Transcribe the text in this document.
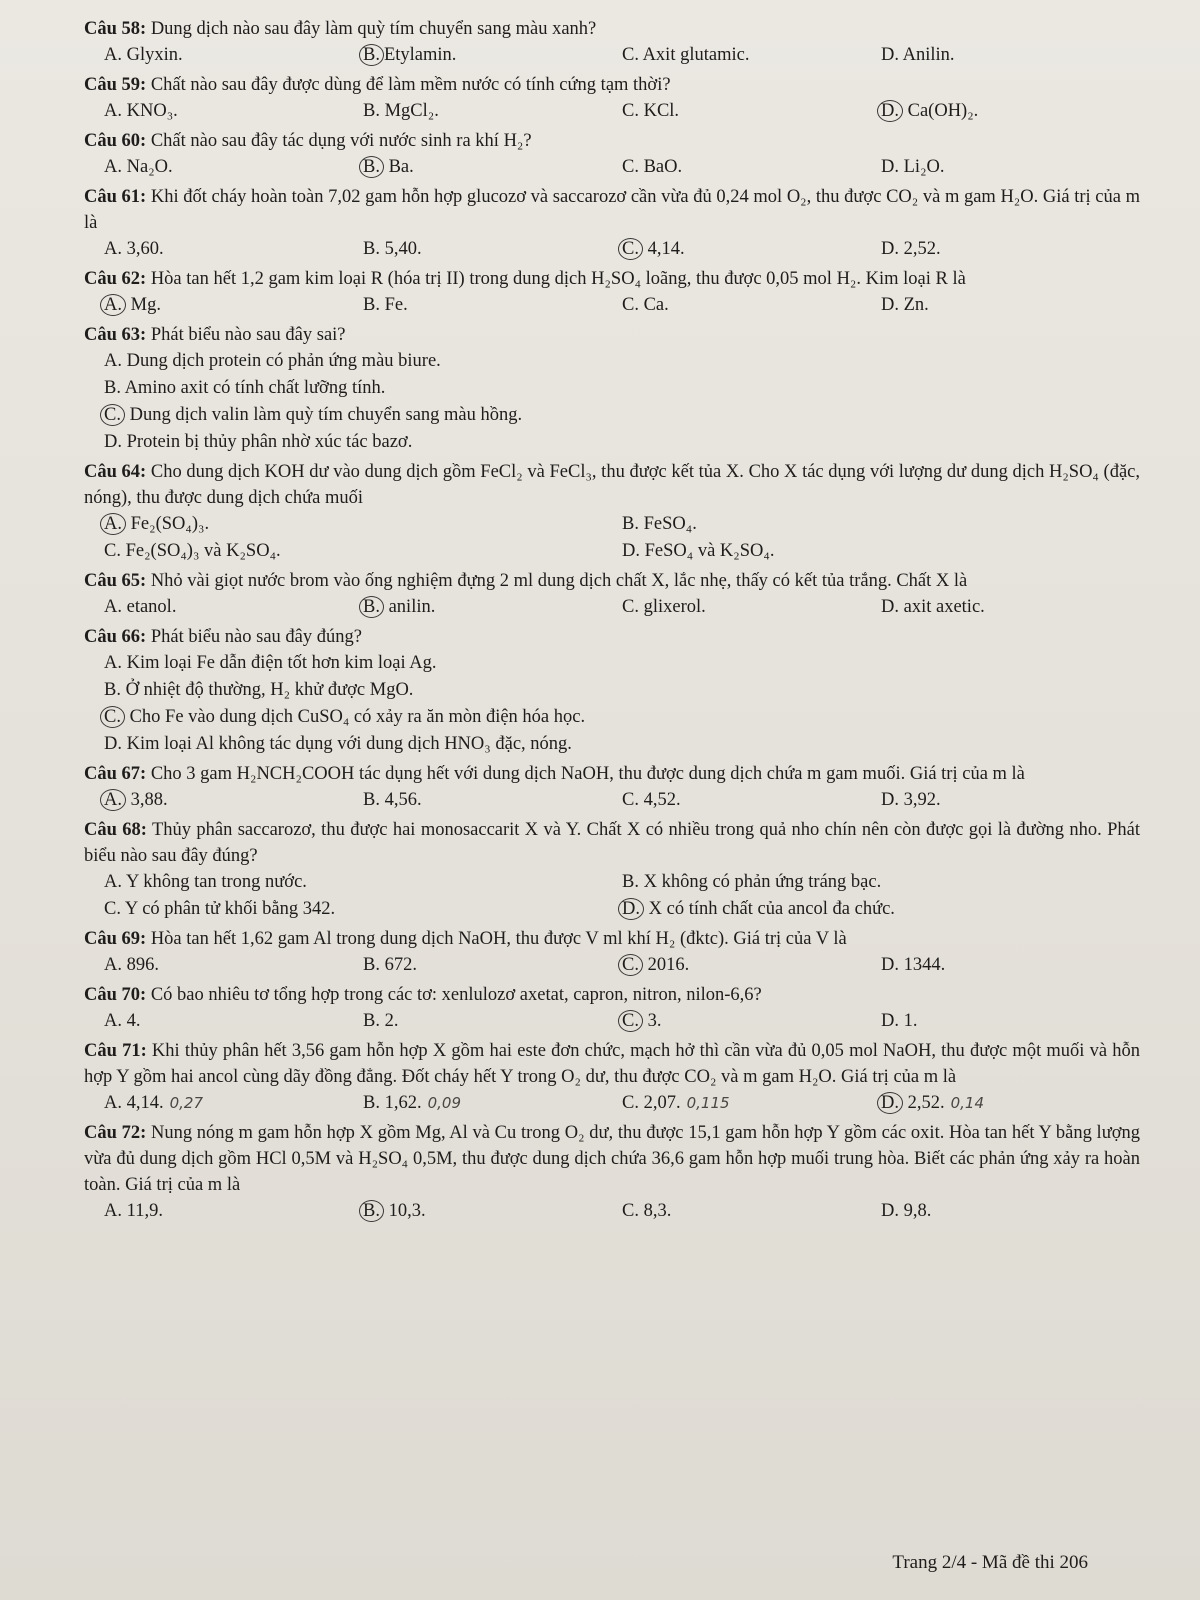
Câu 58: Dung dịch nào sau đây làm quỳ tím chuyển sang màu xanh?
A. Glyxin.	B. Etylamin.	C. Axit glutamic.	D. Anilin.
Câu 59: Chất nào sau đây được dùng để làm mềm nước có tính cứng tạm thời?
A. KNO₃.	B. MgCl₂.	C. KCl.	D. Ca(OH)₂.
Câu 60: Chất nào sau đây tác dụng với nước sinh ra khí H₂?
A. Na₂O.	B. Ba.	C. BaO.	D. Li₂O.
Câu 61: Khi đốt cháy hoàn toàn 7,02 gam hỗn hợp glucozơ và saccarozơ cần vừa đủ 0,24 mol O₂, thu được CO₂ và m gam H₂O. Giá trị của m là
A. 3,60.	B. 5,40.	C. 4,14.	D. 2,52.
Câu 62: Hòa tan hết 1,2 gam kim loại R (hóa trị II) trong dung dịch H₂SO₄ loãng, thu được 0,05 mol H₂. Kim loại R là
A. Mg.	B. Fe.	C. Ca.	D. Zn.
Câu 63: Phát biểu nào sau đây sai?
A. Dung dịch protein có phản ứng màu biure.
B. Amino axit có tính chất lưỡng tính.
C. Dung dịch valin làm quỳ tím chuyển sang màu hồng.
D. Protein bị thủy phân nhờ xúc tác bazơ.
Câu 64: Cho dung dịch KOH dư vào dung dịch gồm FeCl₂ và FeCl₃, thu được kết tủa X. Cho X tác dụng với lượng dư dung dịch H₂SO₄ (đặc, nóng), thu được dung dịch chứa muối
A. Fe₂(SO₄)₃.	B. FeSO₄.
C. Fe₂(SO₄)₃ và K₂SO₄.	D. FeSO₄ và K₂SO₄.
Câu 65: Nhỏ vài giọt nước brom vào ống nghiệm đựng 2 ml dung dịch chất X, lắc nhẹ, thấy có kết tủa trắng. Chất X là
A. etanol.	B. anilin.	C. glixerol.	D. axit axetic.
Câu 66: Phát biểu nào sau đây đúng?
A. Kim loại Fe dẫn điện tốt hơn kim loại Ag.
B. Ở nhiệt độ thường, H₂ khử được MgO.
C. Cho Fe vào dung dịch CuSO₄ có xảy ra ăn mòn điện hóa học.
D. Kim loại Al không tác dụng với dung dịch HNO₃ đặc, nóng.
Câu 67: Cho 3 gam H₂NCH₂COOH tác dụng hết với dung dịch NaOH, thu được dung dịch chứa m gam muối. Giá trị của m là
A. 3,88.	B. 4,56.	C. 4,52.	D. 3,92.
Câu 68: Thủy phân saccarozơ, thu được hai monosaccarit X và Y. Chất X có nhiều trong quả nho chín nên còn được gọi là đường nho. Phát biểu nào sau đây đúng?
A. Y không tan trong nước.	B. X không có phản ứng tráng bạc.
C. Y có phân tử khối bằng 342.	D. X có tính chất của ancol đa chức.
Câu 69: Hòa tan hết 1,62 gam Al trong dung dịch NaOH, thu được V ml khí H₂ (đktc). Giá trị của V là
A. 896.	B. 672.	C. 2016.	D. 1344.
Câu 70: Có bao nhiêu tơ tổng hợp trong các tơ: xenlulozơ axetat, capron, nitron, nilon-6,6?
A. 4.	B. 2.	C. 3.	D. 1.
Câu 71: Khi thủy phân hết 3,56 gam hỗn hợp X gồm hai este đơn chức, mạch hở thì cần vừa đủ 0,05 mol NaOH, thu được một muối và hỗn hợp Y gồm hai ancol cùng dãy đồng đẳng. Đốt cháy hết Y trong O₂ dư, thu được CO₂ và m gam H₂O. Giá trị của m là
A. 4,14. 0,27	B. 1,62. 0,09	C. 2,07. 0,115	D. 2,52. 0,14
Câu 72: Nung nóng m gam hỗn hợp X gồm Mg, Al và Cu trong O₂ dư, thu được 15,1 gam hỗn hợp Y gồm các oxit. Hòa tan hết Y bằng lượng vừa đủ dung dịch gồm HCl 0,5M và H₂SO₄ 0,5M, thu được dung dịch chứa 36,6 gam hỗn hợp muối trung hòa. Biết các phản ứng xảy ra hoàn toàn. Giá trị của m là
A. 11,9.	B. 10,3.	C. 8,3.	D. 9,8.
Trang 2/4 - Mã đề thi 206
